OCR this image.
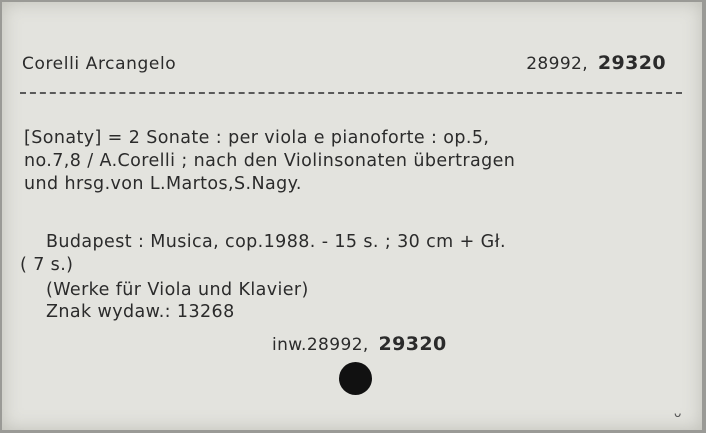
Corelli Arcangelo	28992, 29320
[Sonaty] = 2 Sonate : per viola e pianoforte : op.5,
no.7,8 / A.Corelli ; nach den Violinsonaten übertragen
und hrsg.von L.Martos,S.Nagy.
Budapest : Musica, cop.1988. - 15 s. ; 30 cm + Gł.
( 7 s.)
(Werke für Viola und Klavier)
Znak wydaw.: 13268
inw.28992, 29320
ᴗ
